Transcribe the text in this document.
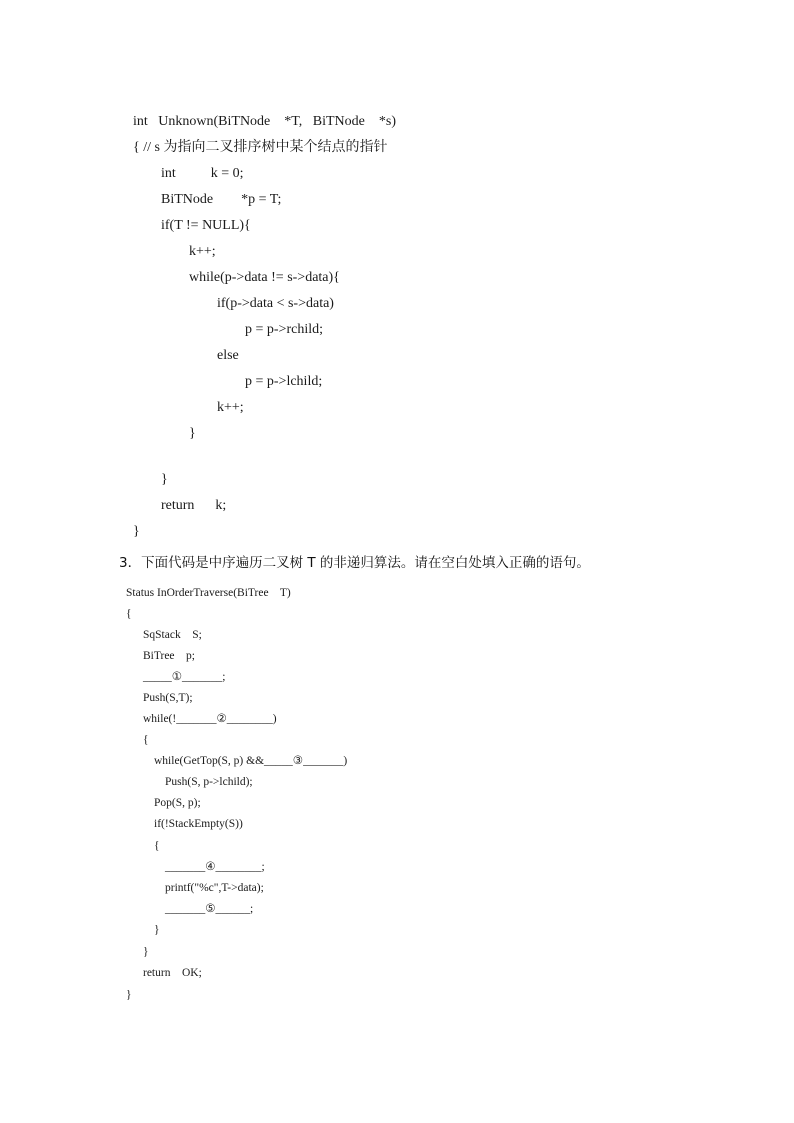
int   Unknown(BiTNode    *T,   BiTNode    *s)
{ // s 为指向二叉排序树中某个结点的指针
int          k = 0;
BiTNode        *p = T;
if(T != NULL){
k++;
while(p->data != s->data){
if(p->data < s->data)
p = p->rchild;
else
p = p->lchild;
k++;
}
}
return      k;
}
3．下面代码是中序遍历二叉树 T 的非递归算法。请在空白处填入正确的语句。
Status InOrderTraverse(BiTree    T)
{
SqStack    S;
BiTree    p;
_____①_______;
Push(S,T);
while(!_______②________)
{
while(GetTop(S, p) &&_____③_______)
Push(S, p->lchild);
Pop(S, p);
if(!StackEmpty(S))
{
_______④________;
printf("%c",T->data);
_______⑤______;
}
}
return    OK;
}
